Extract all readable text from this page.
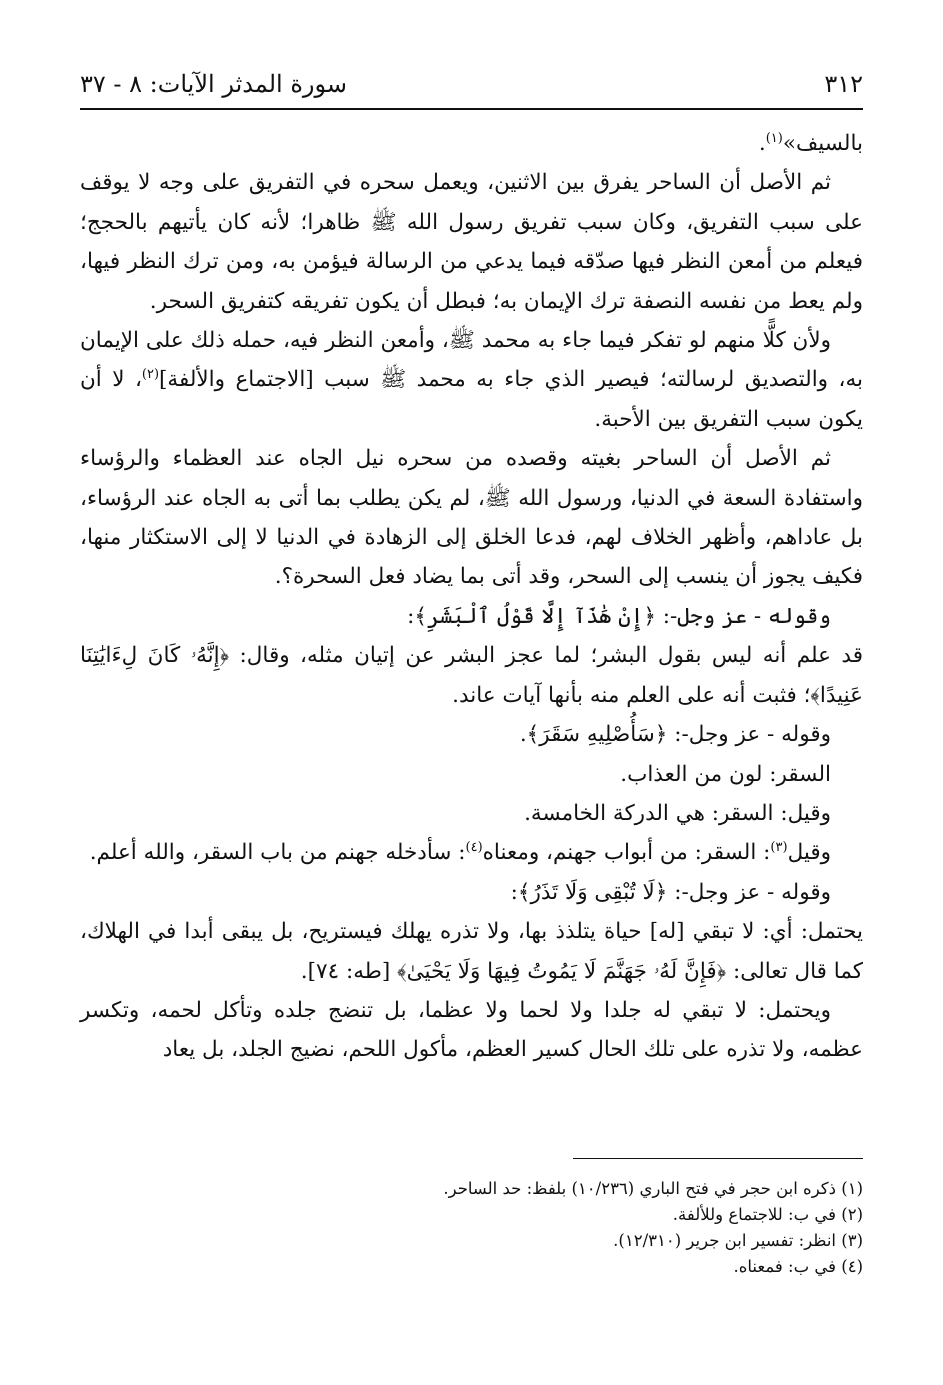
٣١٢
سورة المدثر الآيات: ٨ - ٣٧

بالسيف»$^{(١)}$.

ثم الأصل أن الساحر يفرق بين الاثنين، ويعمل سحره في التفريق على وجه لا يوقف على سبب التفريق، وكان سبب تفريق رسول الله ﷺ ظاهرا؛ لأنه كان يأتيهم بالحجج؛ فيعلم من أمعن النظر فيها صدّقه فيما يدعي من الرسالة فيؤمن به، ومن ترك النظر فيها، ولم يعط من نفسه النصفة ترك الإيمان به؛ فبطل أن يكون تفريقه كتفريق السحر.

ولأن كلًّا منهم لو تفكر فيما جاء به محمد ﷺ، وأمعن النظر فيه، حمله ذلك على الإيمان به، والتصديق لرسالته؛ فيصير الذي جاء به محمد ﷺ سبب [الاجتماع والألفة]$^{(٢)}$، لا أن يكون سبب التفريق بين الأحبة.

ثم الأصل أن الساحر بغيته وقصده من سحره نيل الجاه عند العظماء والرؤساء واستفادة السعة في الدنيا، ورسول الله ﷺ، لم يكن يطلب بما أتى به الجاه عند الرؤساء، بل عاداهم، وأظهر الخلاف لهم، فدعا الخلق إلى الزهادة في الدنيا لا إلى الاستكثار منها، فكيف يجوز أن ينسب إلى السحر، وقد أتى بما يضاد فعل السحرة؟.

وقوله - عز وجل-: ﴿إِنْ هَٰذَآ إِلَّا قَوْلُ ٱلْبَشَرِ﴾:

قد علم أنه ليس بقول البشر؛ لما عجز البشر عن إتيان مثله، وقال: ﴿إِنَّهُۥ كَانَ لِءَايَٰتِنَا عَنِيدًا﴾؛ فثبت أنه على العلم منه بأنها آيات عاند.

وقوله - عز وجل-: ﴿سَأُصْلِيهِ سَقَرَ﴾.

السقر: لون من العذاب.

وقيل: السقر: هي الدركة الخامسة.

وقيل$^{(٣)}$: السقر: من أبواب جهنم، ومعناه$^{(٤)}$: سأدخله جهنم من باب السقر، والله أعلم.

وقوله - عز وجل-: ﴿لَا تُبْقِى وَلَا تَذَرُ﴾:

يحتمل: أي: لا تبقي [له] حياة يتلذذ بها، ولا تذره يهلك فيستريح، بل يبقى أبدا في الهلاك، كما قال تعالى: ﴿فَإِنَّ لَهُۥ جَهَنَّمَ لَا يَمُوتُ فِيهَا وَلَا يَحْيَىٰ﴾ [طه: ٧٤].

ويحتمل: لا تبقي له جلدا ولا لحما ولا عظما، بل تنضج جلده وتأكل لحمه، وتكسر عظمه، ولا تذره على تلك الحال كسير العظم، مأكول اللحم، نضيج الجلد، بل يعاد

(١) ذكره ابن حجر في فتح الباري (١٠/٢٣٦) بلفظ: حد الساحر.
(٢) في ب: للاجتماع وللألفة.
(٣) انظر: تفسير ابن جرير (١٢/٣١٠).
(٤) في ب: فمعناه.
